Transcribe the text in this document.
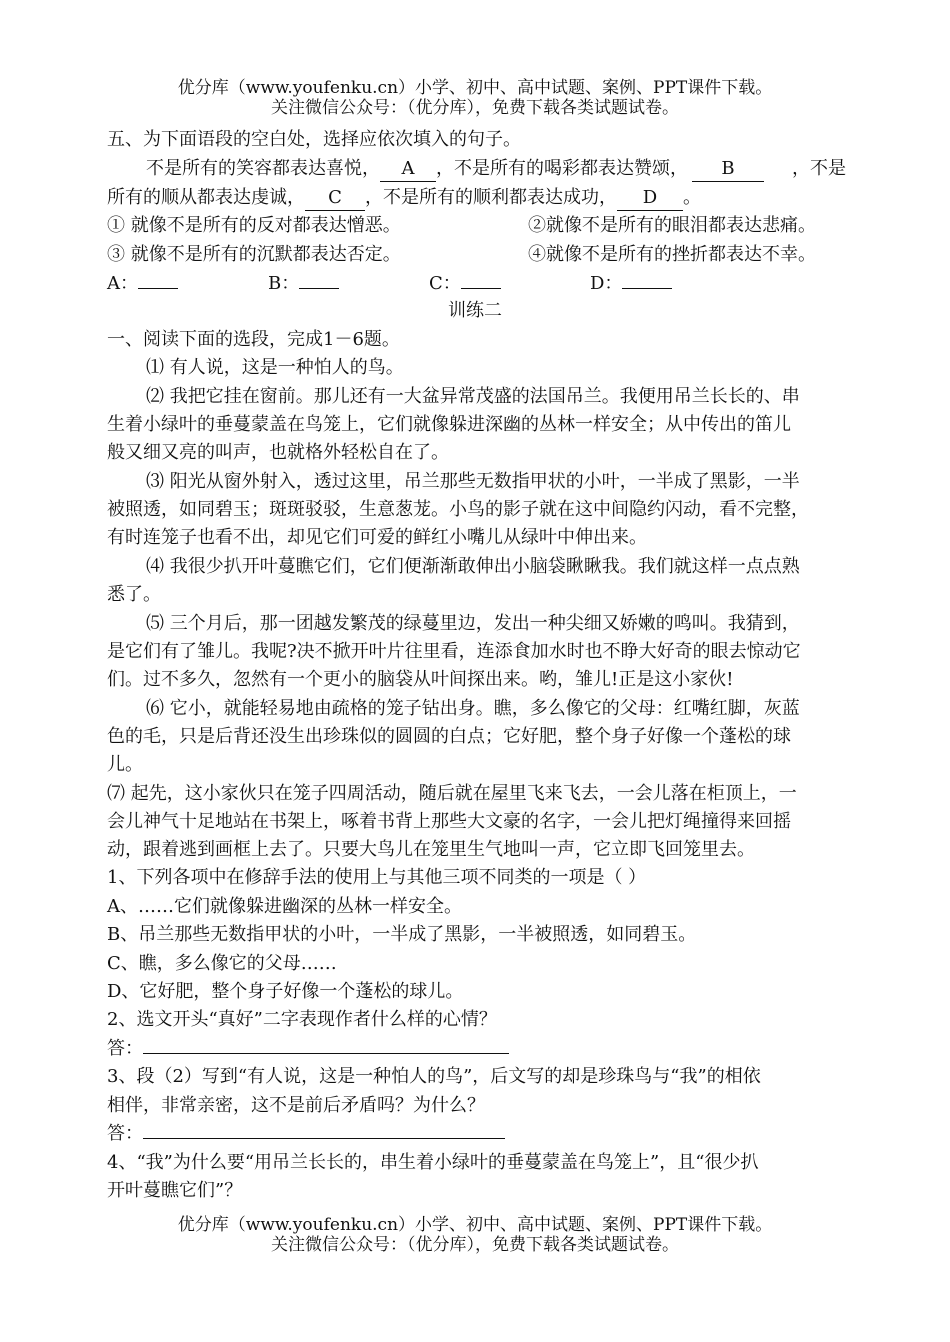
优分库（www.youfenku.cn）小学、初中、高中试题、案例、PPT课件下载。
关注微信公众号：（优分库），免费下载各类试题试卷。
五、为下面语段的空白处，选择应依次填入的句子。
不是所有的笑容都表达喜悦， A ，不是所有的喝彩都表达赞颂， B	，不是
所有的顺从都表达虔诚， C ，不是所有的顺利都表达成功， D 。
① 就像不是所有的反对都表达憎恶。	②就像不是所有的眼泪都表达悲痛。
③ 就像不是所有的沉默都表达否定。	④就像不是所有的挫折都表达不幸。
A：	B：	C：	D：
训练二
一、阅读下面的选段，完成1－6题。
⑴ 有人说，这是一种怕人的鸟。
⑵ 我把它挂在窗前。那儿还有一大盆异常茂盛的法国吊兰。我便用吊兰长长的、串
生着小绿叶的垂蔓蒙盖在鸟笼上，它们就像躲进深幽的丛林一样安全；从中传出的笛儿
般又细又亮的叫声，也就格外轻松自在了。
⑶ 阳光从窗外射入，透过这里，吊兰那些无数指甲状的小叶，一半成了黑影，一半
被照透，如同碧玉；斑斑驳驳，生意葱茏。小鸟的影子就在这中间隐约闪动，看不完整，
有时连笼子也看不出，却见它们可爱的鲜红小嘴儿从绿叶中伸出来。
⑷ 我很少扒开叶蔓瞧它们，它们便渐渐敢伸出小脑袋瞅瞅我。我们就这样一点点熟
悉了。
⑸ 三个月后，那一团越发繁茂的绿蔓里边，发出一种尖细又娇嫩的鸣叫。我猜到，
是它们有了雏儿。我呢?决不掀开叶片往里看，连添食加水时也不睁大好奇的眼去惊动它
们。过不多久，忽然有一个更小的脑袋从叶间探出来。哟，雏儿!正是这小家伙!
⑹ 它小，就能轻易地由疏格的笼子钻出身。瞧，多么像它的父母：红嘴红脚，灰蓝
色的毛，只是后背还没生出珍珠似的圆圆的白点；它好肥，整个身子好像一个蓬松的球
儿。
⑺ 起先，这小家伙只在笼子四周活动，随后就在屋里飞来飞去，一会儿落在柜顶上，一
会儿神气十足地站在书架上，啄着书背上那些大文豪的名字，一会儿把灯绳撞得来回摇
动，跟着逃到画框上去了。只要大鸟儿在笼里生气地叫一声，它立即飞回笼里去。
1、下列各项中在修辞手法的使用上与其他三项不同类的一项是（ ）
A、……它们就像躲进幽深的丛林一样安全。
B、吊兰那些无数指甲状的小叶，一半成了黑影，一半被照透，如同碧玉。
C、瞧，多么像它的父母……
D、它好肥，整个身子好像一个蓬松的球儿。
2、选文开头“真好”二字表现作者什么样的心情？
答：
3、段（2）写到“有人说，这是一种怕人的鸟”，后文写的却是珍珠鸟与“我”的相依
相伴，非常亲密，这不是前后矛盾吗？为什么？
答：
4、“我”为什么要“用吊兰长长的，串生着小绿叶的垂蔓蒙盖在鸟笼上”，且“很少扒
开叶蔓瞧它们”？
优分库（www.youfenku.cn）小学、初中、高中试题、案例、PPT课件下载。
关注微信公众号：（优分库），免费下载各类试题试卷。
